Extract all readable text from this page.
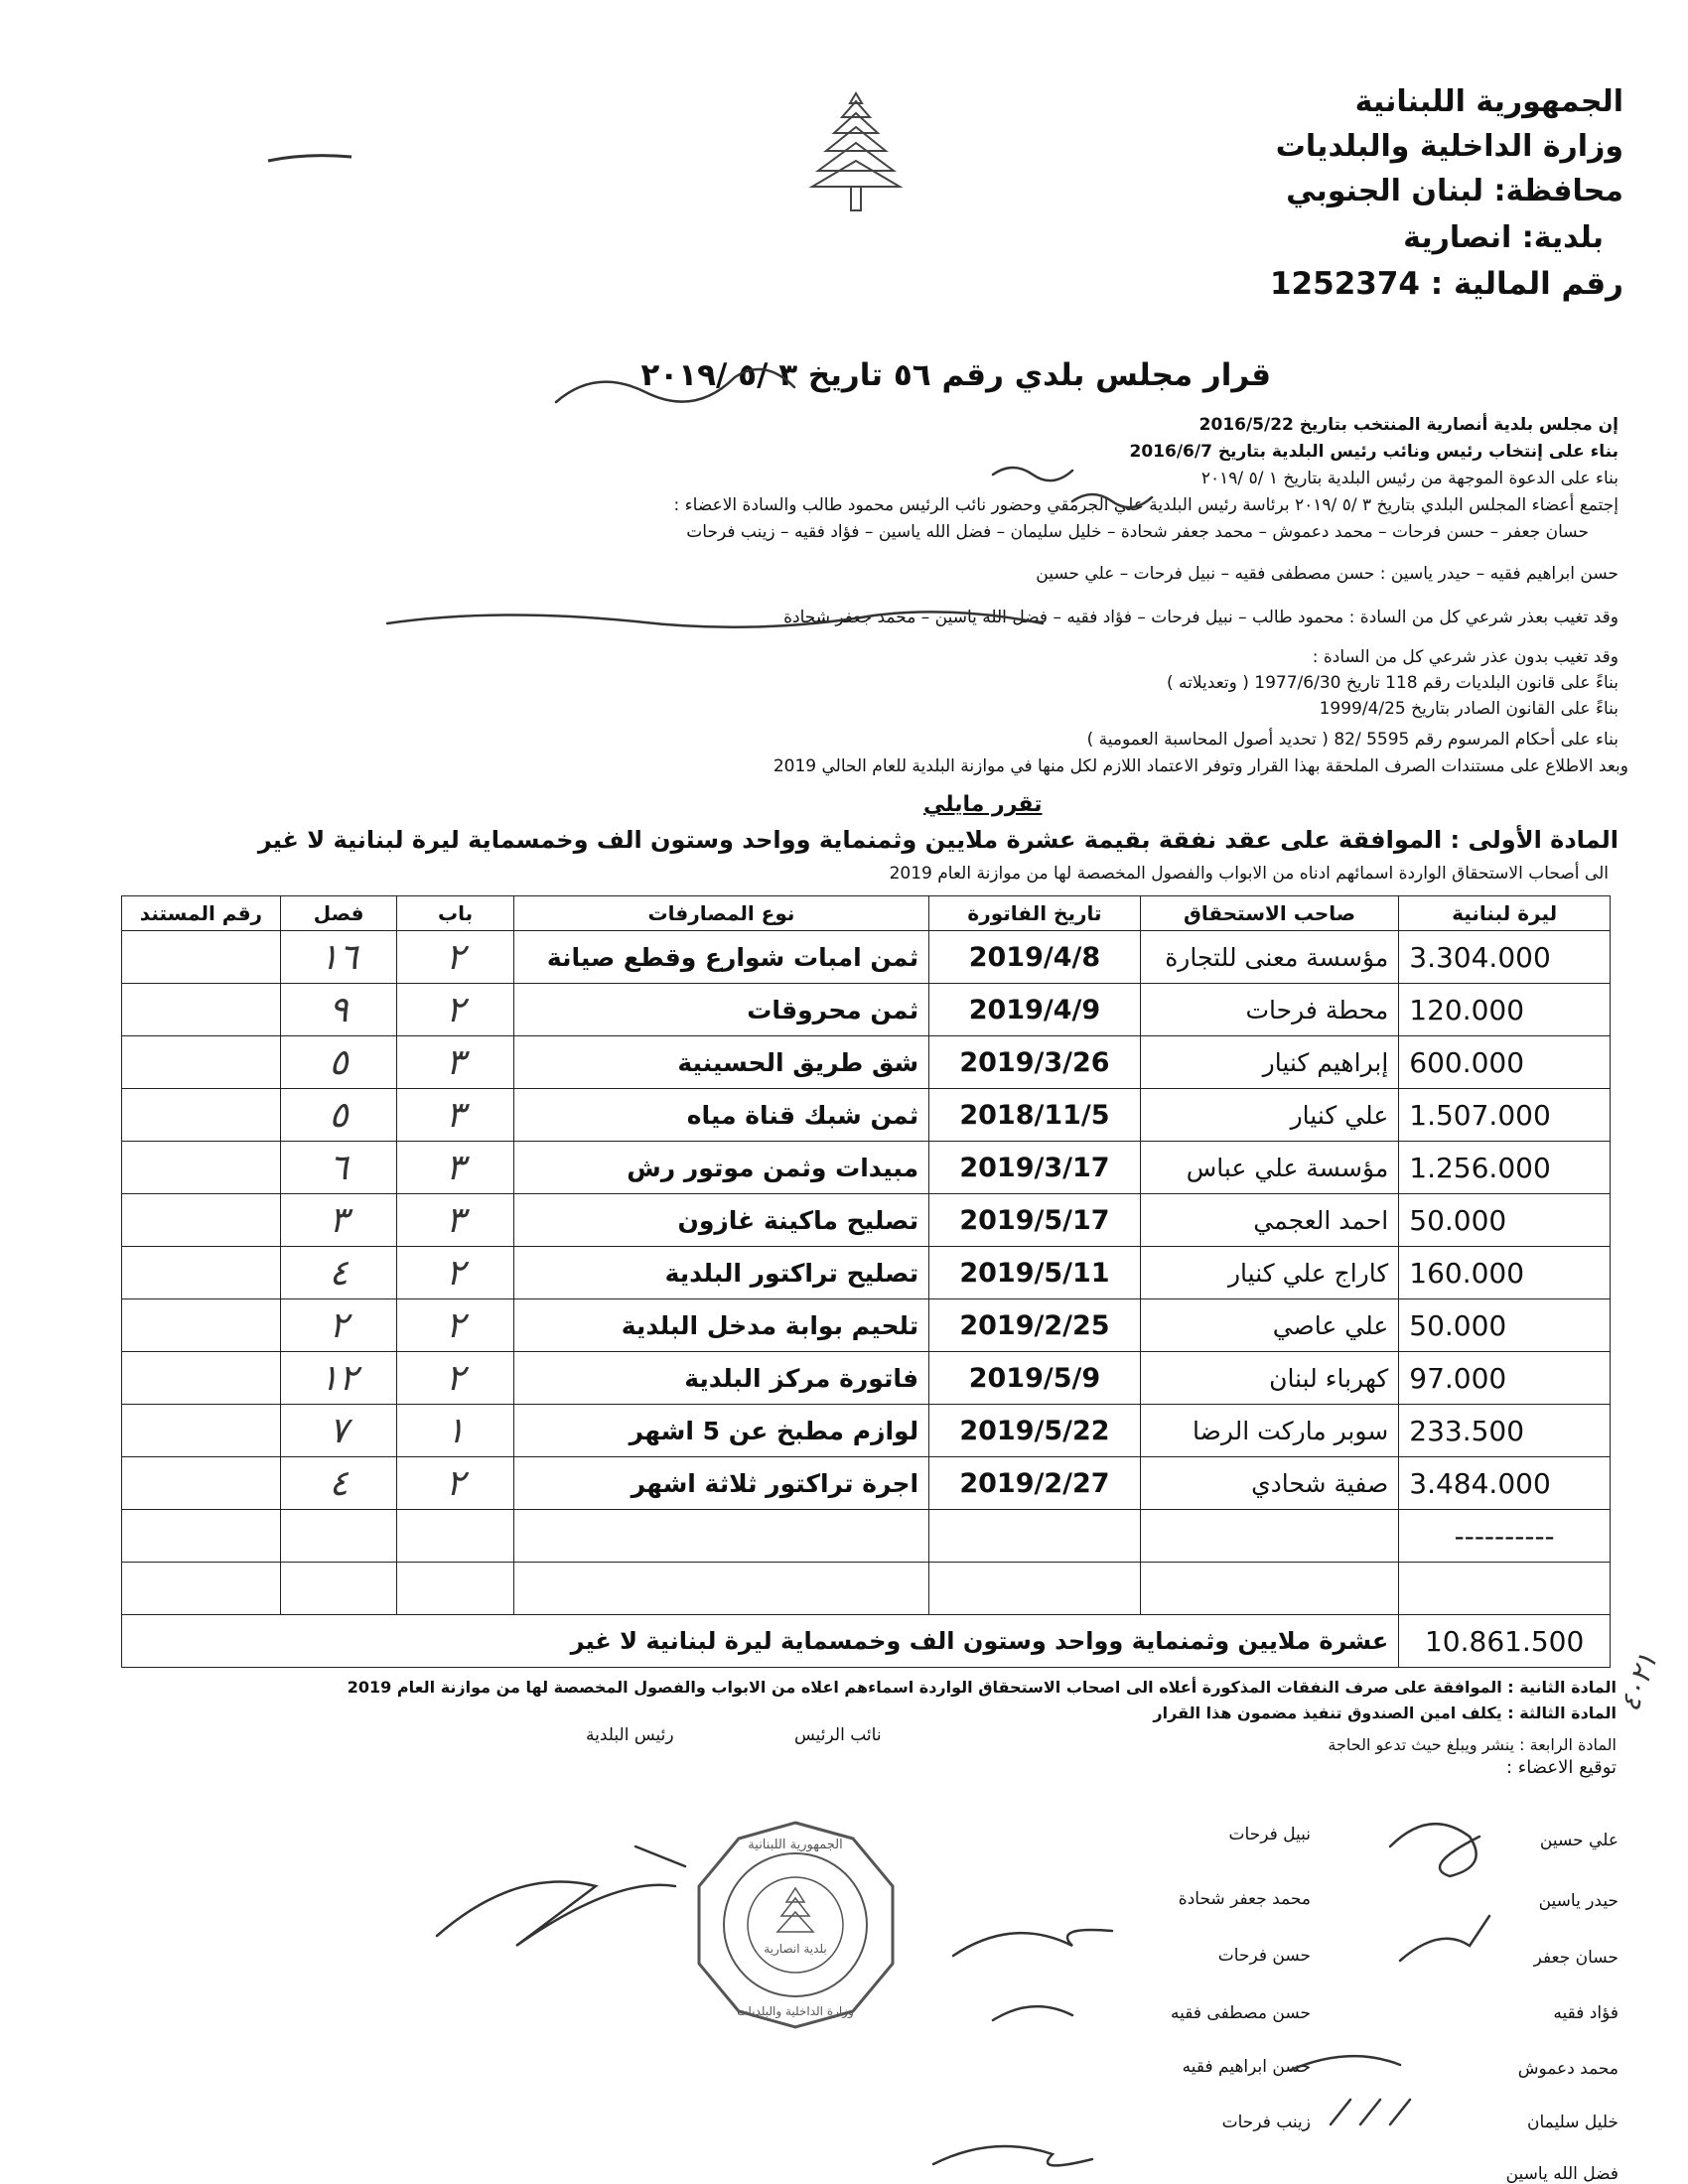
الجمهورية اللبنانية
وزارة الداخلية والبلديات
محافظة: لبنان الجنوبي
بلدية: انصارية
رقم المالية : 1252374
قرار مجلس بلدي رقم ٥٦ تاريخ ٣ /٥ /٢٠١٩
إن مجلس بلدية أنصارية المنتخب بتاريخ 2016/5/22
بناء على إنتخاب رئيس ونائب رئيس البلدية بتاريخ 2016/6/7
بناء على الدعوة الموجهة من رئيس البلدية بتاريخ ١ /٥ /٢٠١٩
إجتمع أعضاء المجلس البلدي بتاريخ ٣ /٥ /٢٠١٩ برئاسة رئيس البلدية علي الجرمقي وحضور نائب الرئيس محمود طالب والسادة الاعضاء :
حسان جعفر – حسن فرحات – محمد دعموش – محمد جعفر شحادة – خليل سليمان – فضل الله ياسين – فؤاد فقيه – زينب فرحات
حسن ابراهيم فقيه – حيدر ياسين : حسن مصطفى فقيه – نبيل فرحات – علي حسين
وقد تغيب بعذر شرعي كل من السادة : محمود طالب – نبيل فرحات – فؤاد فقيه – فضل الله ياسين – محمد جعفر شحادة
وقد تغيب بدون عذر شرعي كل من السادة :
بناءً على قانون البلديات رقم 118 تاريخ 1977/6/30 ( وتعديلاته )
بناءً على القانون الصادر بتاريخ 1999/4/25
بناء على أحكام المرسوم رقم 5595 /82 ( تحديد أصول المحاسبة العمومية )
وبعد الاطلاع على مستندات الصرف الملحقة بهذا القرار وتوفر الاعتماد اللازم لكل منها في موازنة البلدية للعام الحالي 2019
تقرر مايلي
المادة الأولى : الموافقة على عقد نفقة بقيمة عشرة ملايين وثمنماية وواحد وستون الف وخمسماية ليرة لبنانية لا غير
الى أصحاب الاستحقاق الواردة اسمائهم ادناه من الابواب والفصول المخصصة لها من موازنة العام 2019
ليرة لبنانية	صاحب الاستحقاق	تاريخ الفاتورة	نوع المصارفات	باب	فصل	رقم المستند
3.304.000	مؤسسة معنى للتجارة	2019/4/8	ثمن امبات شوارع وقطع صيانة	٢	١٦	
120.000	محطة فرحات	2019/4/9	ثمن محروقات	٢	٩	
600.000	إبراهيم كنيار	2019/3/26	شق طريق الحسينية	٣	٥	
1.507.000	علي كنيار	2018/11/5	ثمن شبك قناة مياه	٣	٥	
1.256.000	مؤسسة علي عباس	2019/3/17	مبيدات وثمن موتور رش	٣	٦	
50.000	احمد العجمي	2019/5/17	تصليح ماكينة غازون	٣	٣	
160.000	كاراج علي كنيار	2019/5/11	تصليح تراكتور البلدية	٢	٤	
50.000	علي عاصي	2019/2/25	تلحيم بوابة مدخل البلدية	٢	٢	
97.000	كهرباء لبنان	2019/5/9	فاتورة مركز البلدية	٢	١٢	
233.500	سوبر ماركت الرضا	2019/5/22	لوازم مطبخ عن 5 اشهر	١	٧	
3.484.000	صفية شحادي	2019/2/27	اجرة تراكتور ثلاثة اشهر	٢	٤	
----------						

10.861.500	عشرة ملايين وثمنماية وواحد وستون الف وخمسماية ليرة لبنانية لا غير					
المادة الثانية : الموافقة على صرف النفقات المذكورة أعلاه الى اصحاب الاستحقاق الواردة اسماءهم اعلاه من الابواب والفصول المخصصة لها من موازنة العام 2019
المادة الثالثة : يكلف امين الصندوق تنفيذ مضمون هذا القرار
المادة الرابعة : ينشر ويبلغ حيث تدعو الحاجة
٤٠٢١
توقيع الاعضاء :
رئيس البلدية	نائب الرئيس
علي حسين
حيدر ياسين
حسان جعفر
فؤاد فقيه
محمد دعموش
خليل سليمان
فضل الله ياسين
نبيل فرحات
محمد جعفر شحادة
حسن فرحات
حسن مصطفى فقيه
حسن ابراهيم فقيه
زينب فرحات
الجمهورية اللبنانية
وزارة الداخلية والبلديات
بلدية انصارية
